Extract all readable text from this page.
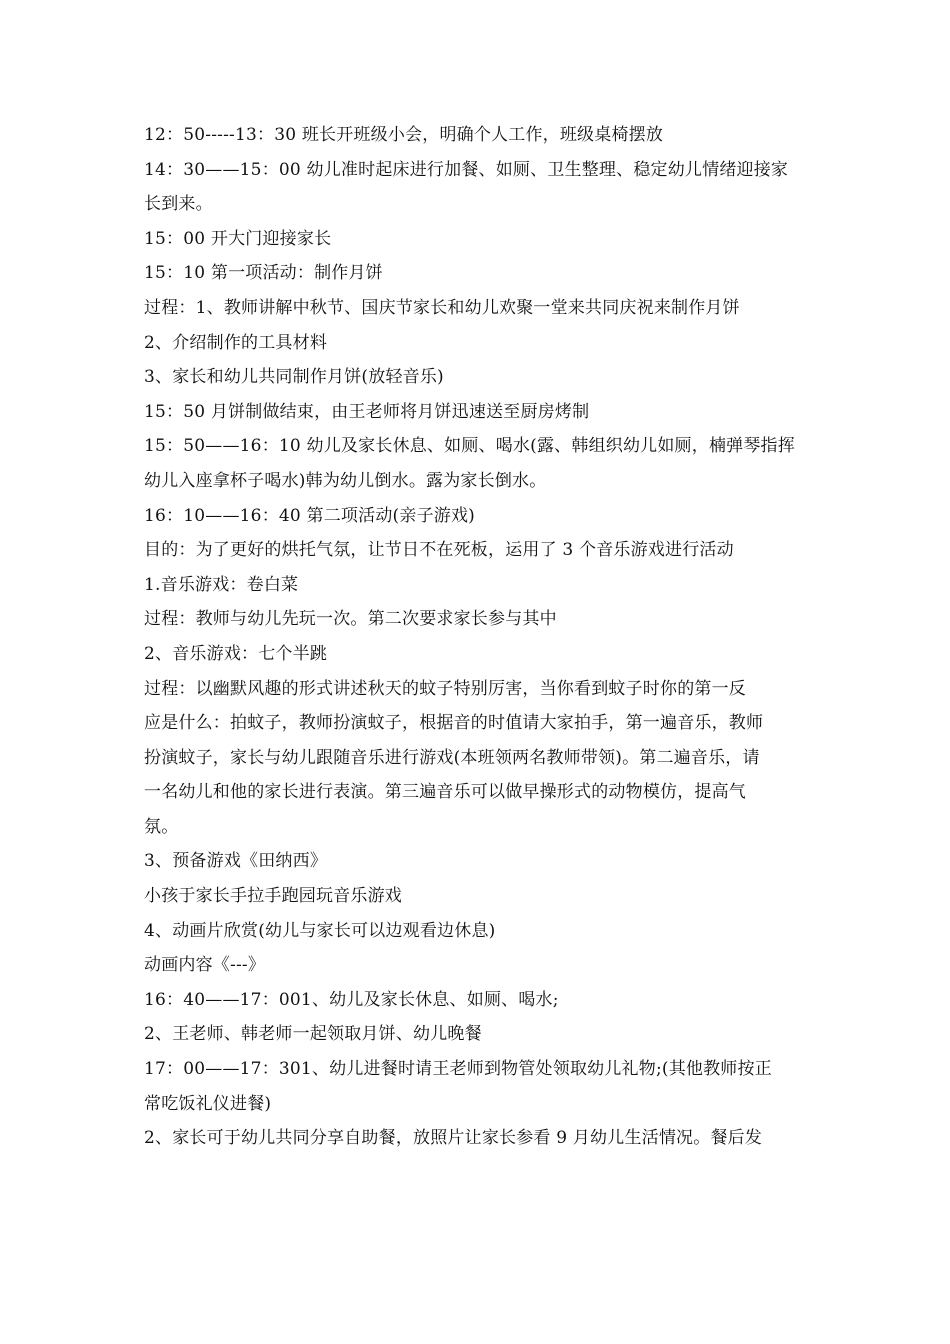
12：50-----13：30 班长开班级小会，明确个人工作，班级桌椅摆放
14：30——15：00 幼儿准时起床进行加餐、如厕、卫生整理、稳定幼儿情绪迎接家
长到来。
15：00 开大门迎接家长
15：10 第一项活动：制作月饼
过程：1、教师讲解中秋节、国庆节家长和幼儿欢聚一堂来共同庆祝来制作月饼
2、介绍制作的工具材料
3、家长和幼儿共同制作月饼(放轻音乐)
15：50 月饼制做结束，由王老师将月饼迅速送至厨房烤制
15：50——16：10 幼儿及家长休息、如厕、喝水(露、韩组织幼儿如厕，楠弹琴指挥
幼儿入座拿杯子喝水)韩为幼儿倒水。露为家长倒水。
16：10——16：40 第二项活动(亲子游戏)
目的：为了更好的烘托气氛，让节日不在死板，运用了 3 个音乐游戏进行活动
1.音乐游戏：卷白菜
过程：教师与幼儿先玩一次。第二次要求家长参与其中
2、音乐游戏：七个半跳
过程：以幽默风趣的形式讲述秋天的蚊子特别厉害，当你看到蚊子时你的第一反
应是什么：拍蚊子，教师扮演蚊子，根据音的时值请大家拍手，第一遍音乐，教师
扮演蚊子，家长与幼儿跟随音乐进行游戏(本班领两名教师带领)。第二遍音乐，请
一名幼儿和他的家长进行表演。第三遍音乐可以做早操形式的动物模仿，提高气
氛。
3、预备游戏《田纳西》
小孩于家长手拉手跑园玩音乐游戏
4、动画片欣赏(幼儿与家长可以边观看边休息)
动画内容《---》
16：40——17：001、幼儿及家长休息、如厕、喝水;
2、王老师、韩老师一起领取月饼、幼儿晚餐
17：00——17：301、幼儿进餐时请王老师到物管处领取幼儿礼物;(其他教师按正
常吃饭礼仪进餐)
2、家长可于幼儿共同分享自助餐，放照片让家长参看 9 月幼儿生活情况。餐后发
